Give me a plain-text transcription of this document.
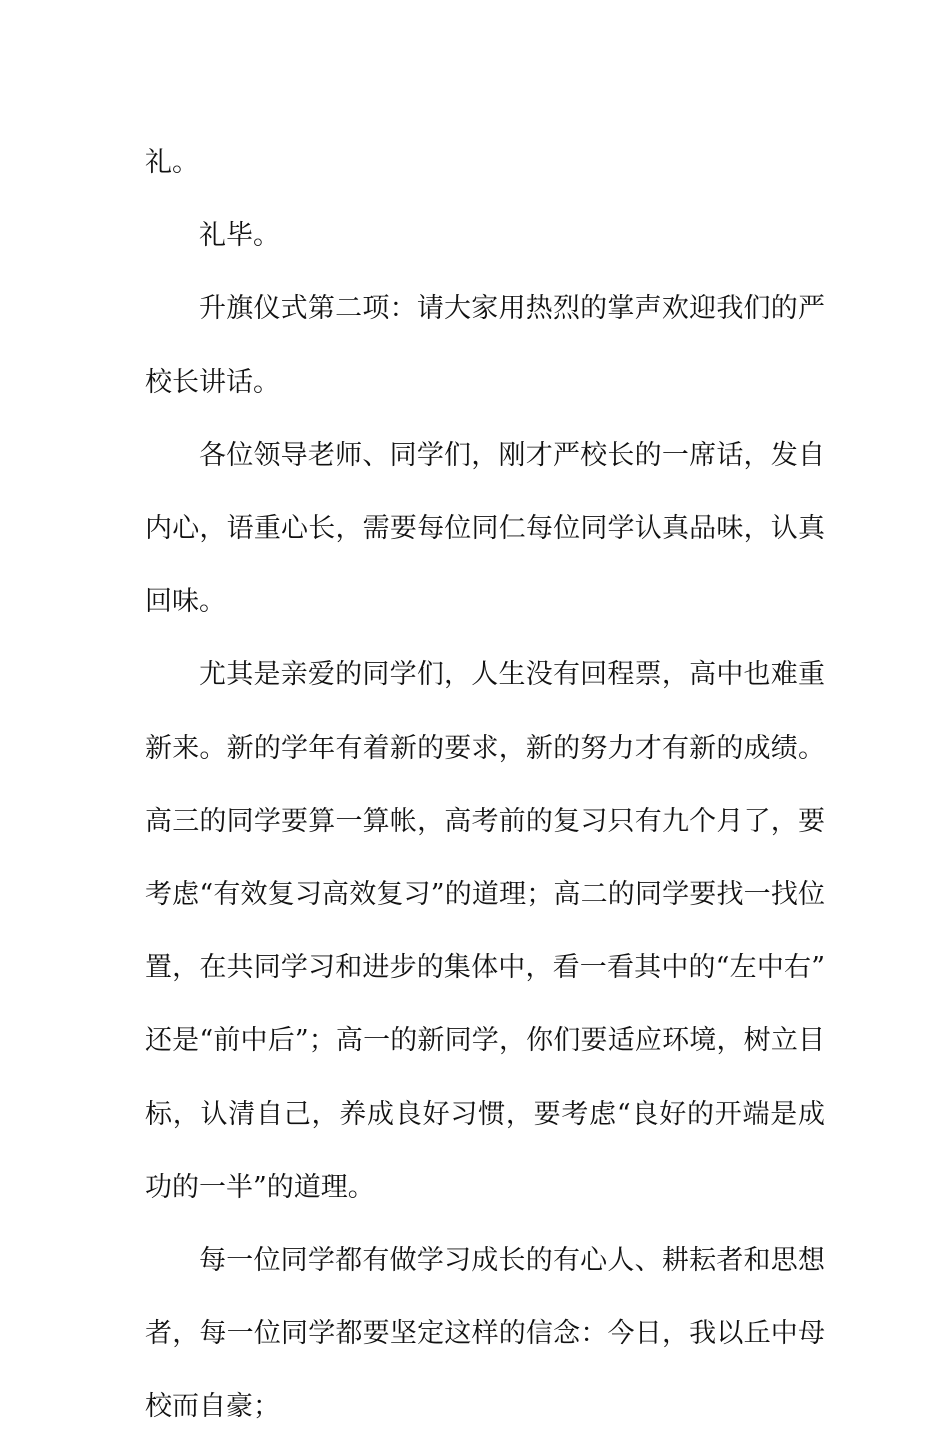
礼。

礼毕。

升旗仪式第二项：请大家用热烈的掌声欢迎我们的严校长讲话。

各位领导老师、同学们，刚才严校长的一席话，发自内心，语重心长，需要每位同仁每位同学认真品味，认真回味。

尤其是亲爱的同学们，人生没有回程票，高中也难重新来。新的学年有着新的要求，新的努力才有新的成绩。高三的同学要算一算帐，高考前的复习只有九个月了，要考虑“有效复习高效复习”的道理；高二的同学要找一找位置，在共同学习和进步的集体中，看一看其中的“左中右”还是“前中后”；高一的新同学，你们要适应环境，树立目标，认清自己，养成良好习惯，要考虑“良好的开端是成功的一半”的道理。

每一位同学都有做学习成长的有心人、耕耘者和思想者，每一位同学都要坚定这样的信念：今日，我以丘中母校而自豪；
